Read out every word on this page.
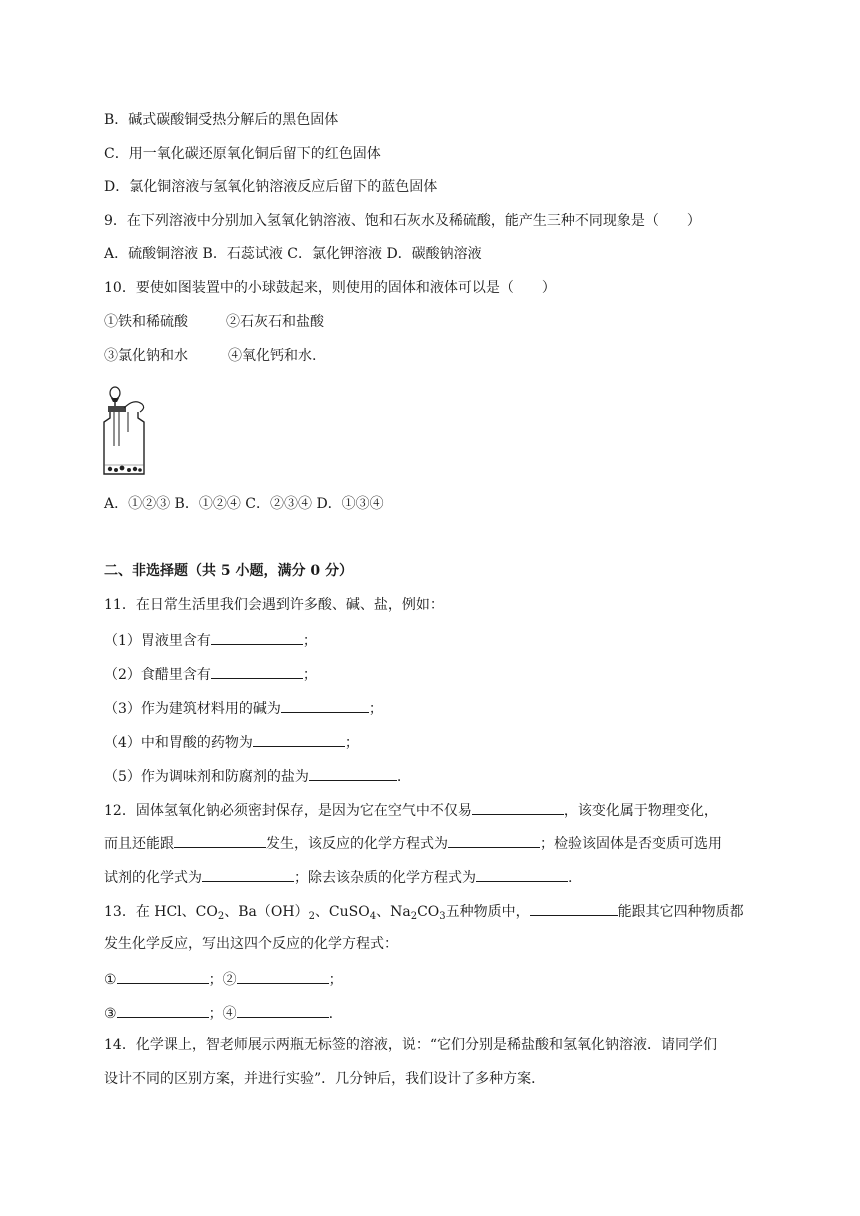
B．碱式碳酸铜受热分解后的黑色固体
C．用一氧化碳还原氧化铜后留下的红色固体
D．氯化铜溶液与氢氧化钠溶液反应后留下的蓝色固体
9．在下列溶液中分别加入氢氧化钠溶液、饱和石灰水及稀硫酸，能产生三种不同现象是（　　）
A．硫酸铜溶液 B．石蕊试液 C．氯化钾溶液 D．碳酸钠溶液
10．要使如图装置中的小球鼓起来，则使用的固体和液体可以是（　　）
①铁和稀硫酸	②石灰石和盐酸
③氯化钠和水	④氧化钙和水.
A．①②③ B．①②④ C．②③④ D．①③④
二、非选择题（共 5 小题，满分 0 分）
11．在日常生活里我们会遇到许多酸、碱、盐，例如：
（1）胃液里含有	；
（2）食醋里含有	；
（3）作为建筑材料用的碱为	；
（4）中和胃酸的药物为	；
（5）作为调味剂和防腐剂的盐为	.
12．固体氢氧化钠必须密封保存，是因为它在空气中不仅易	，该变化属于物理变化，
而且还能跟	发生，该反应的化学方程式为	；检验该固体是否变质可选用
试剂的化学式为	；除去该杂质的化学方程式为	.
13．在 HCl、$CO_2$、$Ba(OH)_2$、CuSO$_4$、$Na_2CO_3$五种物质中，	能跟其它四种物质都
发生化学反应，写出这四个反应的化学方程式：
①	；②	；
③	；④	.
14．化学课上，智老师展示两瓶无标签的溶液，说：“它们分别是稀盐酸和氢氧化钠溶液．请同学们
设计不同的区别方案，并进行实验”．几分钟后，我们设计了多种方案．
